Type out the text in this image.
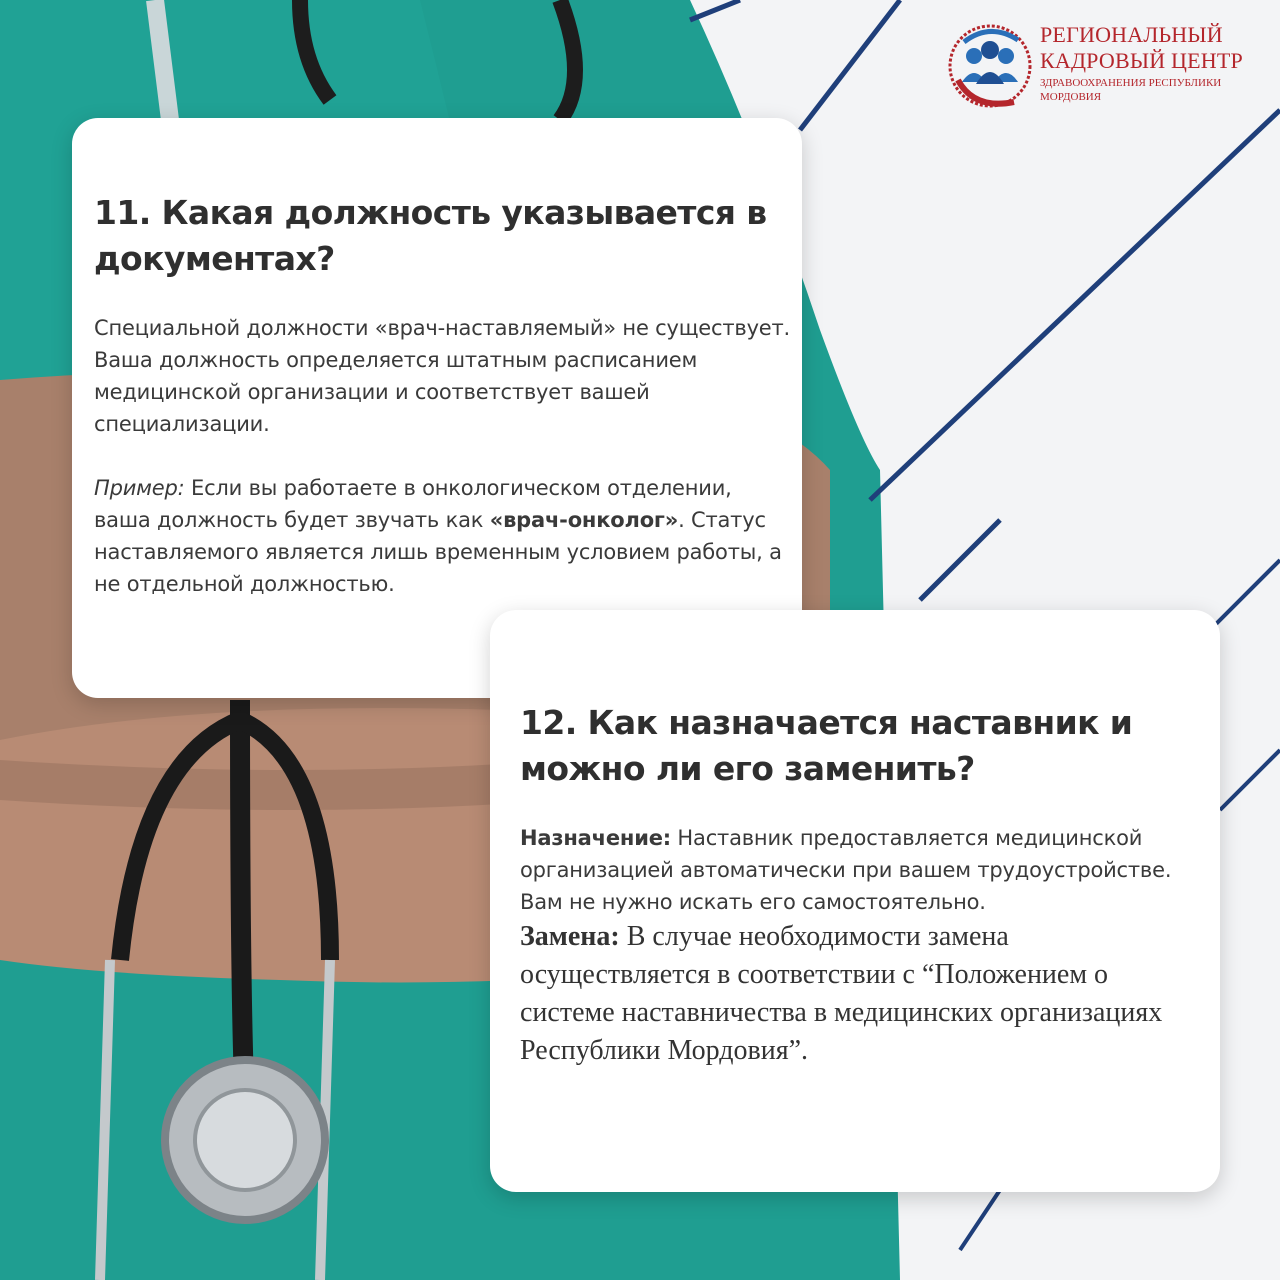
РЕГИОНАЛЬНЫЙ
КАДРОВЫЙ ЦЕНТР
ЗДРАВООХРАНЕНИЯ РЕСПУБЛИКИ МОРДОВИЯ
11. Какая должность указывается в документах?

Специальной должности «врач-наставляемый» не существует. Ваша должность определяется штатным расписанием медицинской организации и соответствует вашей специализации.

Пример: Если вы работаете в онкологическом отделении, ваша должность будет звучать как «врач-онколог». Статус наставляемого является лишь временным условием работы, а не отдельной должностью.

12. Как назначается наставник и можно ли его заменить?

Назначение: Наставник предоставляется медицинской организацией автоматически при вашем трудоустройстве. Вам не нужно искать его самостоятельно.

Замена: В случае необходимости замена осуществляется в соответствии с “Положением о системе наставничества в медицинских организациях Республики Мордовия”.
